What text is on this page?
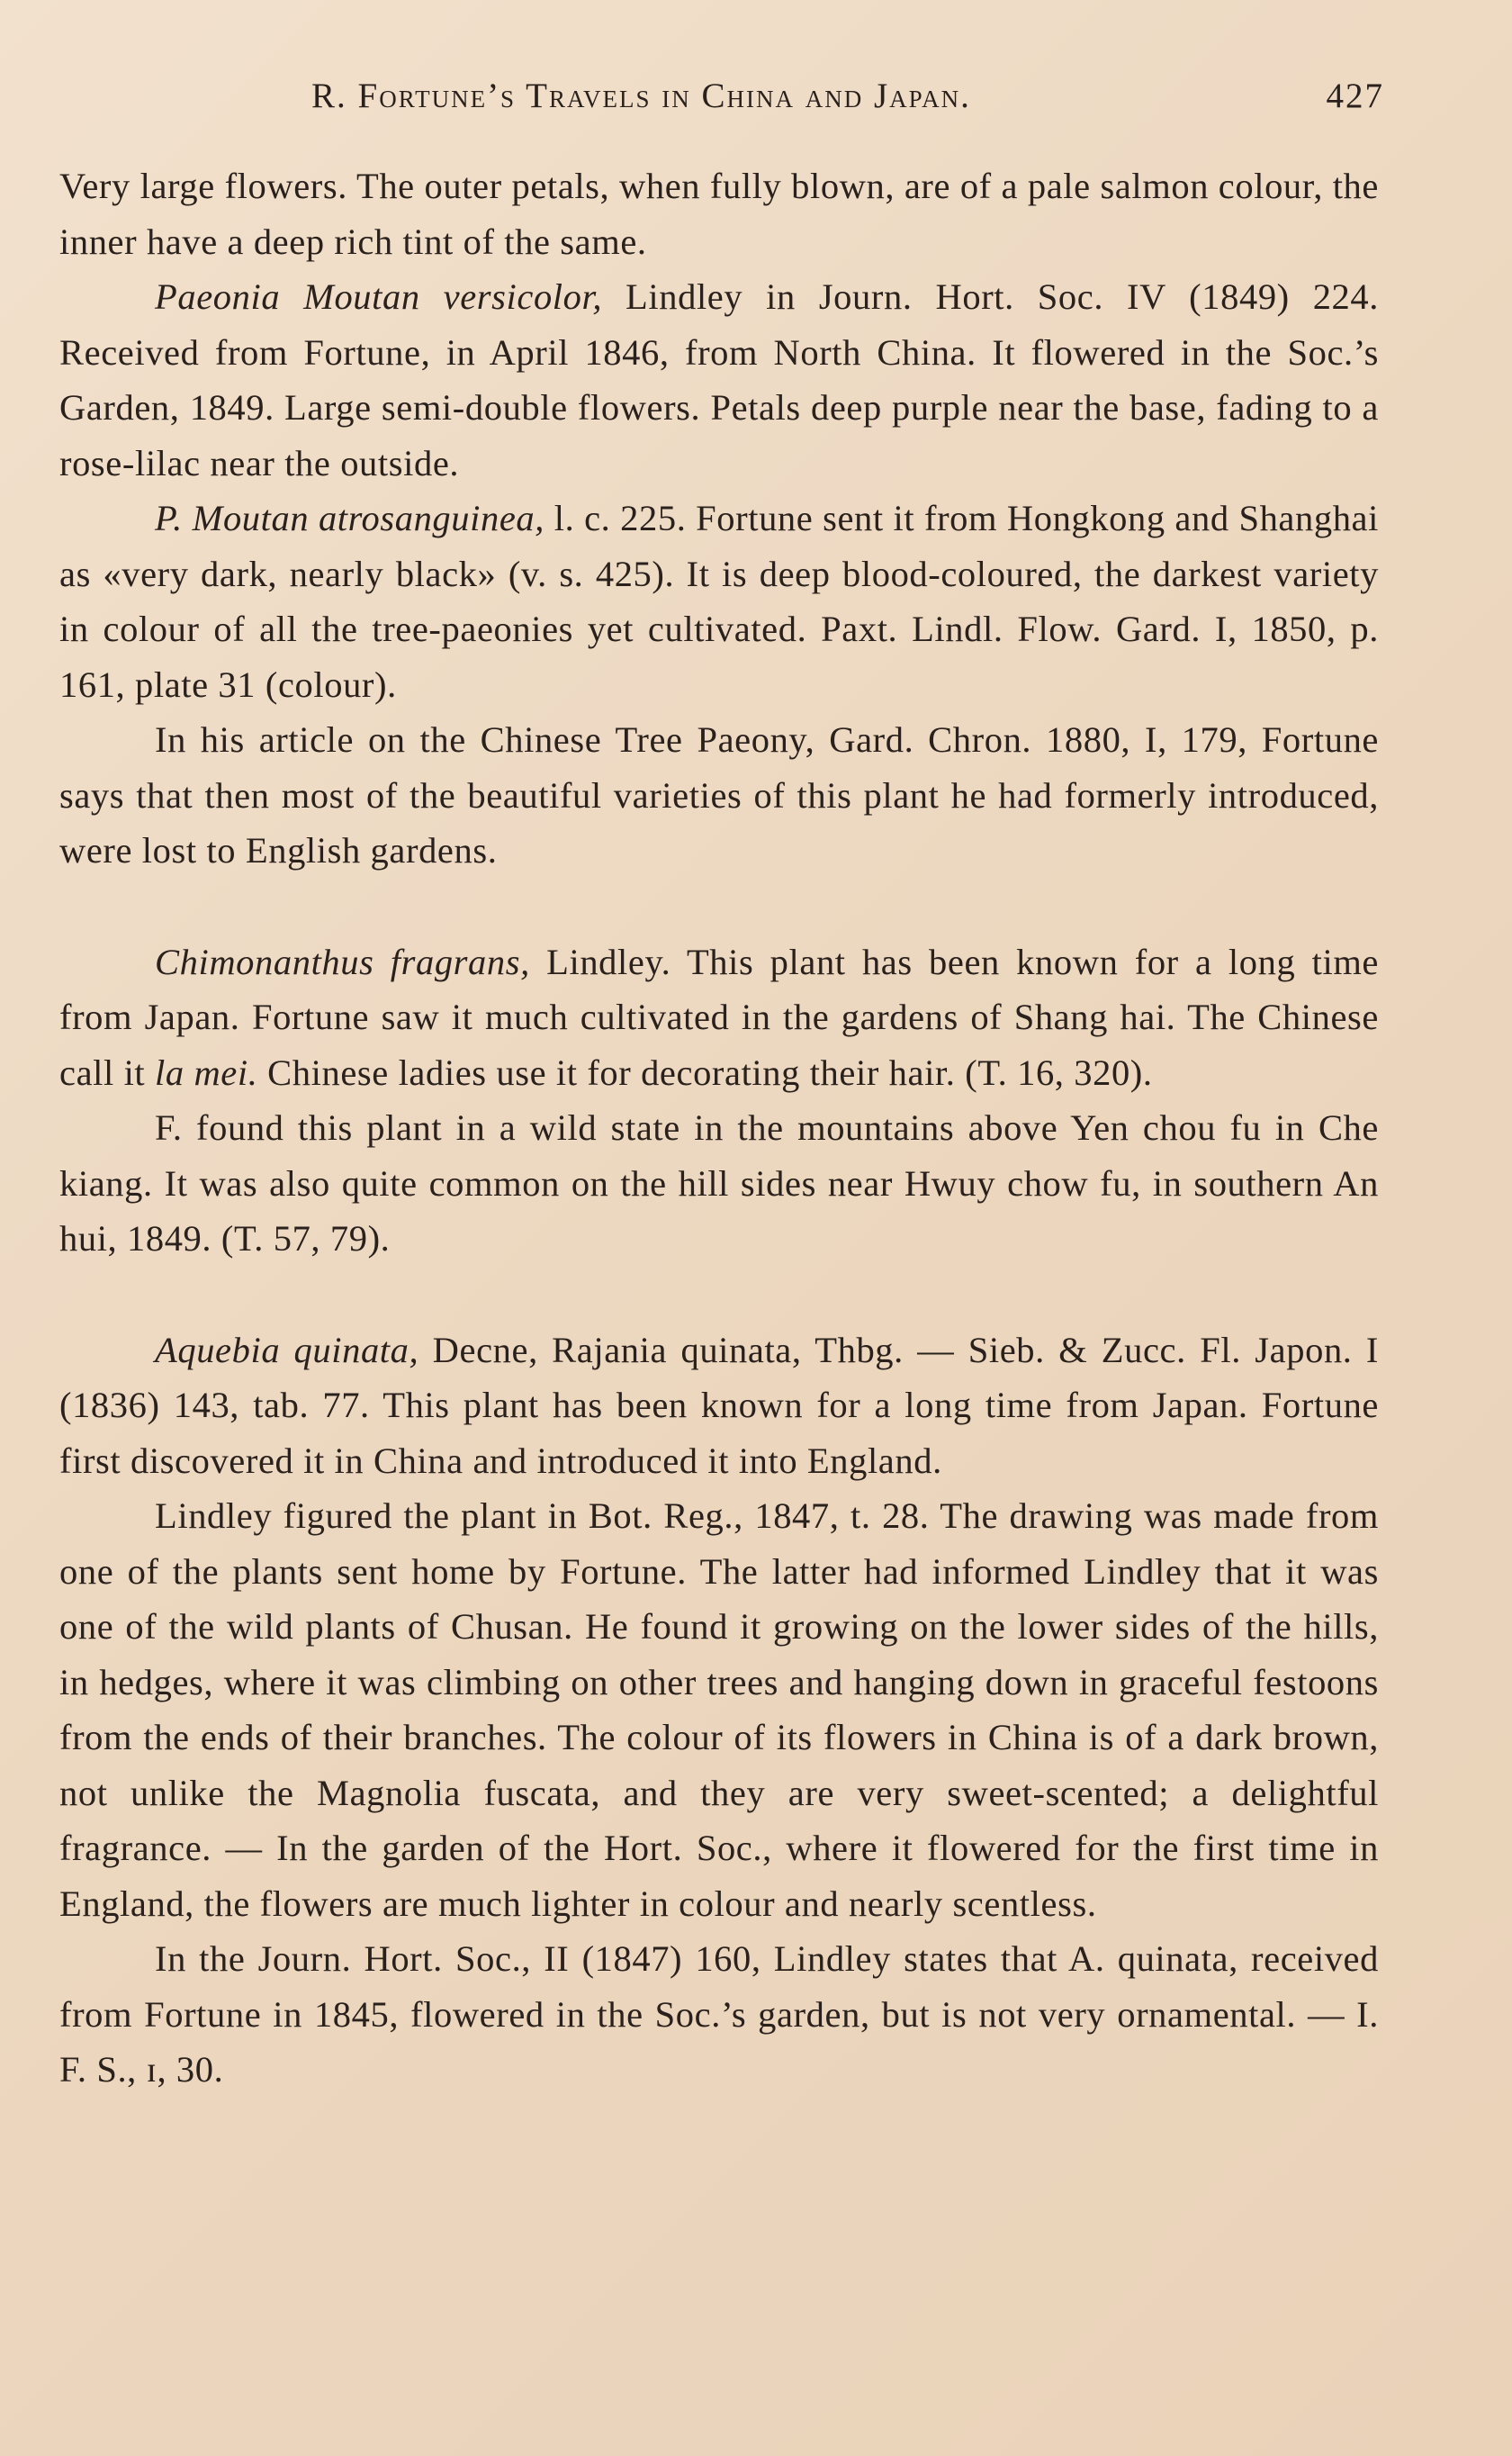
R. Fortune’s Travels in China and Japan.	427

Very large flowers. The outer petals, when fully blown, are of a pale salmon colour, the inner have a deep rich tint of the same.

Paeonia Moutan versicolor, Lindley in Journ. Hort. Soc. IV (1849) 224. Received from Fortune, in April 1846, from North China. It flowered in the Soc.’s Garden, 1849. Large semi-double flowers. Petals deep purple near the base, fading to a rose-lilac near the outside.

P. Moutan atrosanguinea, l. c. 225. Fortune sent it from Hongkong and Shanghai as «very dark, nearly black» (v. s. 425). It is deep blood-coloured, the darkest variety in colour of all the tree-paeonies yet cultivated. Paxt. Lindl. Flow. Gard. I, 1850, p. 161, plate 31 (colour).

In his article on the Chinese Tree Paeony, Gard. Chron. 1880, I, 179, Fortune says that then most of the beautiful varieties of this plant he had formerly introduced, were lost to English gardens.

Chimonanthus fragrans, Lindley. This plant has been known for a long time from Japan. Fortune saw it much cultivated in the gardens of Shang hai. The Chinese call it la mei. Chinese ladies use it for decorating their hair. (T. 16, 320).

F. found this plant in a wild state in the mountains above Yen chou fu in Che kiang. It was also quite common on the hill sides near Hwuy chow fu, in southern An hui, 1849. (T. 57, 79).

Aquebia quinata, Decne, Rajania quinata, Thbg. — Sieb. & Zucc. Fl. Japon. I (1836) 143, tab. 77. This plant has been known for a long time from Japan. Fortune first discovered it in China and introduced it into England.

Lindley figured the plant in Bot. Reg., 1847, t. 28. The drawing was made from one of the plants sent home by Fortune. The latter had informed Lindley that it was one of the wild plants of Chusan. He found it growing on the lower sides of the hills, in hedges, where it was climbing on other trees and hanging down in graceful festoons from the ends of their branches. The colour of its flowers in China is of a dark brown, not unlike the Magnolia fuscata, and they are very sweet-scented; a delightful fragrance. — In the garden of the Hort. Soc., where it flowered for the first time in England, the flowers are much lighter in colour and nearly scentless.

In the Journ. Hort. Soc., II (1847) 160, Lindley states that A. quinata, received from Fortune in 1845, flowered in the Soc.’s garden, but is not very ornamental. — I. F. S., ɪ, 30.
